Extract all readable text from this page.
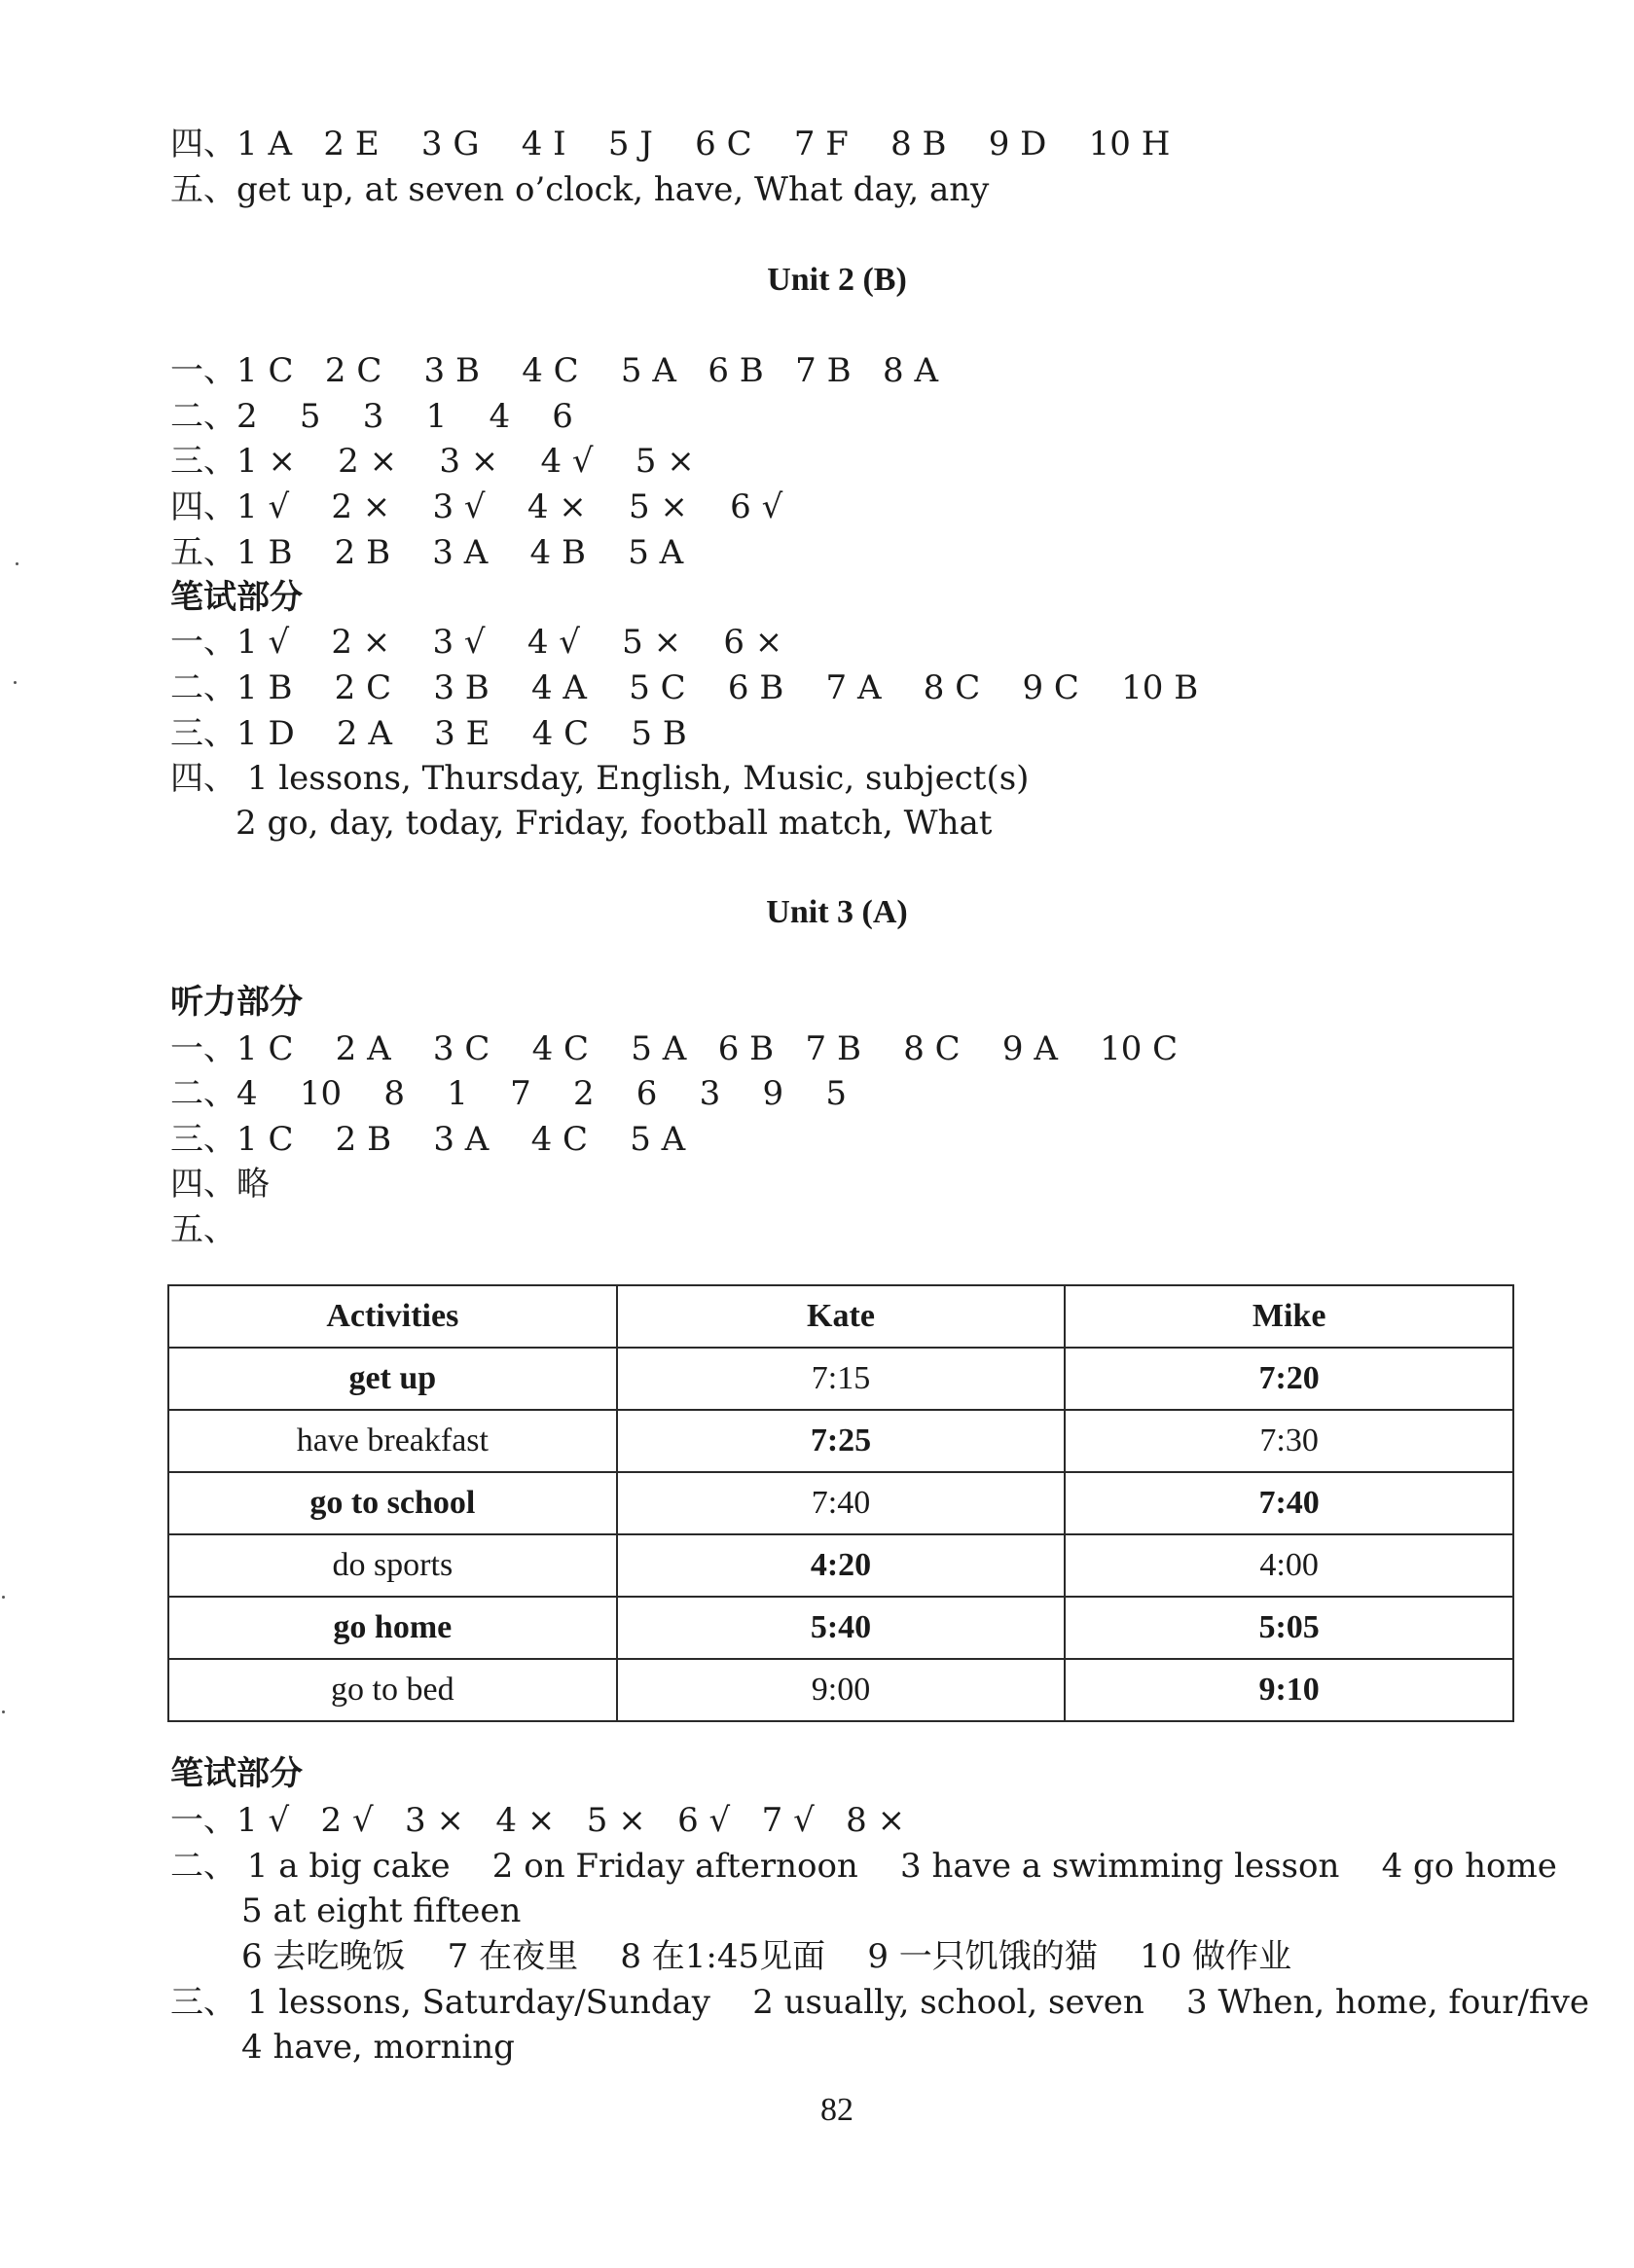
四、1 A   2 E    3 G    4 I    5 J    6 C    7 F    8 B    9 D    10 H
五、get up, at seven o’clock, have, What day, any
Unit 2 (B)
一、1 C   2 C    3 B    4 C    5 A   6 B   7 B   8 A
二、2    5    3    1    4    6
三、1 ×    2 ×    3 ×    4 √    5 ×
四、1 √    2 ×    3 √    4 ×    5 ×    6 √
五、1 B    2 B    3 A    4 B    5 A
笔试部分
一、1 √    2 ×    3 √    4 √    5 ×    6 ×
二、1 B    2 C    3 B    4 A    5 C    6 B    7 A    8 C    9 C    10 B
三、1 D    2 A    3 E    4 C    5 B
四、 1 lessons, Thursday, English, Music, subject(s)
2 go, day, today, Friday, football match, What
Unit 3 (A)
听力部分
一、1 C    2 A    3 C    4 C    5 A   6 B   7 B    8 C    9 A    10 C
二、4    10    8    1    7    2    6    3    9    5
三、1 C    2 B    3 A    4 C    5 A
四、略
五、
Activities	Kate	Mike
get up	7:15	7:20
have breakfast	7:25	7:30
go to school	7:40	7:40
do sports	4:20	4:00
go home	5:40	5:05
go to bed	9:00	9:10
笔试部分
一、1 √   2 √   3 ×   4 ×   5 ×   6 √   7 √   8 ×
二、 1 a big cake    2 on Friday afternoon    3 have a swimming lesson    4 go home
5 at eight fifteen
6 去吃晚饭    7 在夜里    8 在1:45见面    9 一只饥饿的猫    10 做作业
三、 1 lessons, Saturday/Sunday    2 usually, school, seven    3 When, home, four/five
4 have, morning
82
